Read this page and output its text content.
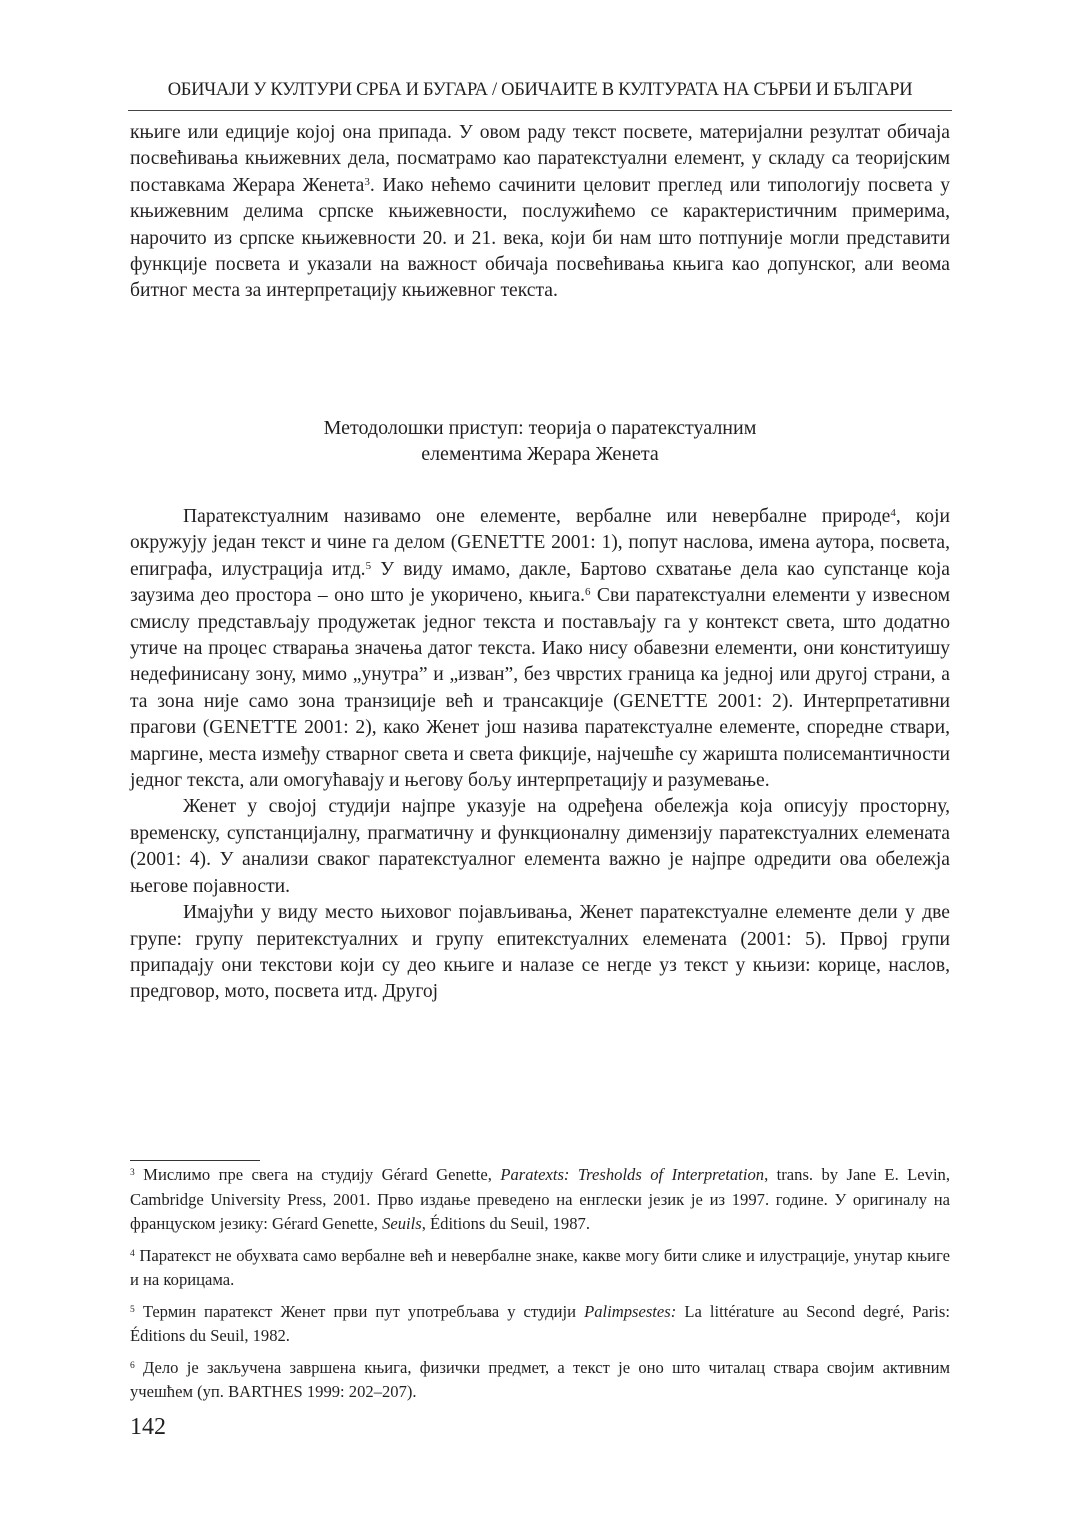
ОБИЧАЈИ У КУЛТУРИ СРБА И БУГАРА / ОБИЧАИТЕ В КУЛТУРАТА НА СЪРБИ И БЪЛГАРИ

књиге или едиције којој она припада. У овом раду текст посвете, материјални резултат обичаја посвећивања књижевних дела, посматрамо као паратекстуални елемент, у складу са теоријским поставкама Жерара Женета$^3$. Иако нећемо сачинити целовит преглед или типологију посвета у књижевним делима српске књижевности, послужићемо се карактеристичним примерима, нарочито из српске књижевности 20. и 21. века, који би нам што потпуније могли представити функције посвета и указали на важност обичаја посвећивања књига као допунског, али веома битног места за интерпретацију књижевног текста.

Методолошки приступ: теорија о паратекстуалним
елементима Жерара Женета

Паратекстуалним називамо оне елементе, вербалне или невербалне природе$^4$, који окружују један текст и чине га делом (GENETTE 2001: 1), попут наслова, имена аутора, посвета, епиграфа, илустрација итд.$^5$ У виду имамо, дакле, Бартово схватање дела као супстанце која заузима део простора – оно што је укоричено, књига.$^6$ Сви паратекстуални елементи у извесном смислу представљају продужетак једног текста и постављају га у контекст света, што додатно утиче на процес стварања значења датог текста. Иако нису обавезни елементи, они конституишу недефинисану зону, мимо „унутра” и „изван”, без чврстих граница ка једној или другој страни, а та зона није само зона транзиције већ и трансакције (GENETTE 2001: 2). Интерпретативни прагови (GENETTE 2001: 2), како Женет још назива паратекстуалне елементе, споредне ствари, маргине, места између стварног света и света фикције, најчешће су жаришта полисемантичности једног текста, али омогућавају и његову бољу интерпретацију и разумевање.

Женет у својој студији најпре указује на одређена обележја која описују просторну, временску, супстанцијалну, прагматичну и функционалну димензију паратекстуалних елемената (2001: 4). У анализи сваког паратекстуалног елемента важно је најпре одредити ова обележја његове појавности.

Имајући у виду место њиховог појављивања, Женет паратекстуалне елементе дели у две групе: групу перитекстуалних и групу епитекстуалних елемената (2001: 5). Првој групи припадају они текстови који су део књиге и налазе се негде уз текст у књизи: корице, наслов, предговор, мото, посвета итд. Другој

$^3$ Мислимо пре свега на студију Gérard Genette, Paratexts: Tresholds of Interpretation, trans. by Jane E. Levin, Cambridge University Press, 2001. Прво издање преведено на енглески језик је из 1997. године. У оригиналу на француском језику: Gérard Genette, Seuils, Éditions du Seuil, 1987.

$^4$ Паратекст не обухвата само вербалне већ и невербалне знаке, какве могу бити слике и илустрације, унутар књиге и на корицама.

$^5$ Термин паратекст Женет први пут употребљава у студији Palimpsestes: La littérature au Second degré, Paris: Éditions du Seuil, 1982.

$^6$ Дело је закључена завршена књига, физички предмет, а текст је оно што читалац ствара својим активним учешћем (уп. BARTHES 1999: 202–207).

142
